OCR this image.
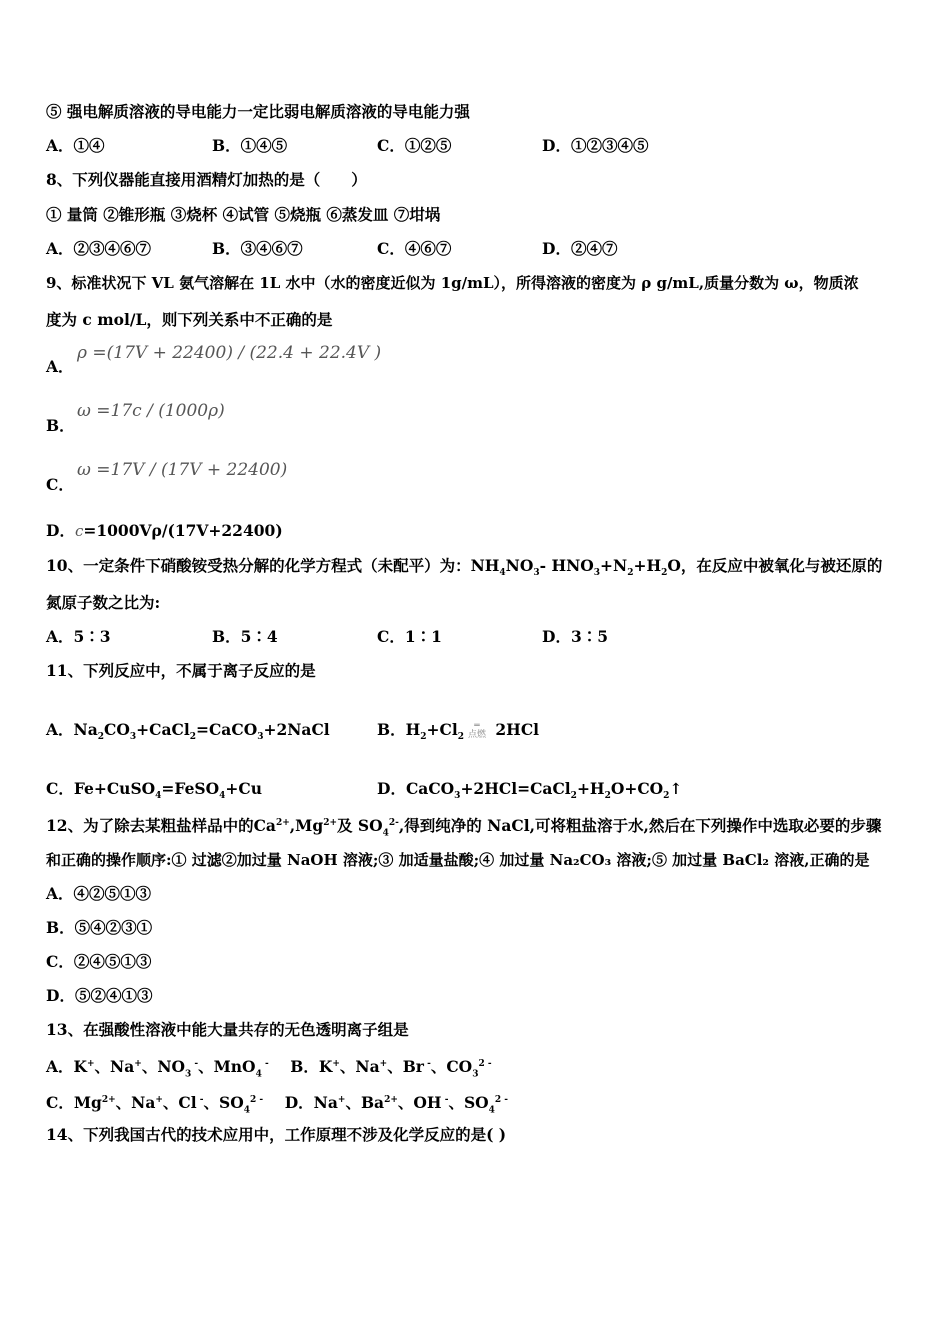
⑤ 强电解质溶液的导电能力一定比弱电解质溶液的导电能力强
A．①④	B．①④⑤	C．①②⑤	D．①②③④⑤
8、下列仪器能直接用酒精灯加热的是（　　）
① 量筒 ②锥形瓶 ③烧杯 ④试管 ⑤烧瓶 ⑥蒸发皿 ⑦坩埚
A．②③④⑥⑦	B．③④⑥⑦	C．④⑥⑦	D．②④⑦
9、标准状况下 VL 氨气溶解在 1L 水中（水的密度近似为 1g/mL），所得溶液的密度为 ρ g/mL,质量分数为 ω，物质浓
度为 c mol/L，则下列关系中不正确的是
A．
ρ =(17V + 22400) / (22.4 + 22.4V )
B．
ω =17c / (1000ρ)
C．
ω =17V / (17V + 22400)
D．c=1000Vρ/(17V+22400)
10、一定条件下硝酸铵受热分解的化学方程式（未配平）为：$NH_4NO_3-$ $HNO_3+N_2+H_2O$，在反应中被氧化与被还原的
氮原子数之比为:
A．5∶3	B．5∶4	C．1∶1	D．3∶5
11、下列反应中，不属于离子反应的是
A．$Na_2CO_3+CaCl_2=CaCO_3+2NaCl$	B．$H_2+Cl_2═$
点燃 2HCl
C．Fe+CuSO$_4$=FeSO$_4$+Cu	D．$CaCO_3+2HCl=CaCl_2+H_2O+CO_2↑$
12、为了除去某粗盐样品中的$Ca^{2+},Mg^{2+}$及 $SO_4^{2-}$,得到纯净的 NaCl,可将粗盐溶于水,然后在下列操作中选取必要的步骤
和正确的操作顺序:① 过滤②加过量 NaOH 溶液;③ 加适量盐酸;④ 加过量 Na₂CO₃ 溶液;⑤ 加过量 BaCl₂ 溶液,正确的是
A．④②⑤①③
B．⑤④②③①
C．②④⑤①③
D．⑤②④①③
13、在强酸性溶液中能大量共存的无色透明离子组是
A．K+、Na+、$NO_3$ -、MnO$_4$ -    B．K+、Na+、Br -、$CO_3^{2 -}$
C．$Mg^{2+}$、Na+、Cl -、$SO_4^{2 -}$    D．Na+、$Ba^{2+}$、OH -、$SO_4^{2 -}$
14、下列我国古代的技术应用中，工作原理不涉及化学反应的是( )
